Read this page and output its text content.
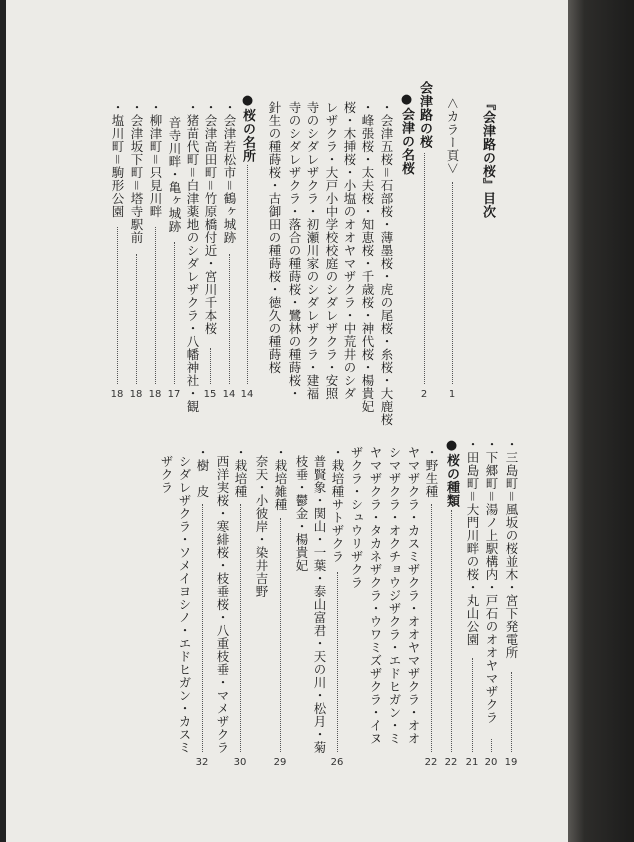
『会津路の桜』目次
＜カラー頁＞
1
会津路の桜
2
●会津の名桜
・会津五桜＝石部桜・薄墨桜・虎の尾桜・糸桜・大鹿桜
・峰張桜・太夫桜・知恵桜・千歳桜・神代桜・楊貴妃
桜・木挿桜・小塩のオオヤマザクラ・中荒井のシダ
レザクラ・大戸小中学校校庭のシダレザクラ・安照
寺のシダレザクラ・初瀬川家のシダレザクラ・建福
寺のシダレザクラ・落合の種蒔桜・鷺林の種蒔桜・
針生の種蒔桜・古御田の種蒔桜・徳久の種蒔桜
●桜の名所
14
・会津若松市＝鶴ヶ城跡
14
・会津高田町＝竹原橋付近・宮川千本桜
15
・猪苗代町＝白津薬地のシダレザクラ・八幡神社・観
音寺川畔・亀ヶ城跡
17
・柳津町＝只見川畔
18
・会津坂下町＝塔寺駅前
18
・塩川町＝駒形公園
18
・三島町＝風坂の桜並木・宮下発電所
19
・下郷町＝湯ノ上駅構内・戸石のオオヤマザクラ
20
・田島町＝大門川畔の桜・丸山公園
21
●桜の種類
22
・野生種
22
ヤマザクラ・カスミザクラ・オオヤマザクラ・オオ
シマザクラ・オクチョウジザクラ・エドヒガン・ミ
ヤマザクラ・タカネザクラ・ウワミズザクラ・イヌ
ザクラ・シュウリザクラ
・栽培種サトザクラ
26
普賢象・関山・一葉・泰山富君・天の川・松月・菊
枝垂・鬱金・楊貴妃
・栽培雑種
29
奈天・小彼岸・染井吉野
・栽培種
30
西洋実桜・寒緋桜・枝垂桜・八重枝垂・マメザクラ
・樹　皮
32
シダレザクラ・ソメイヨシノ・エドヒガン・カスミ
ザクラ
